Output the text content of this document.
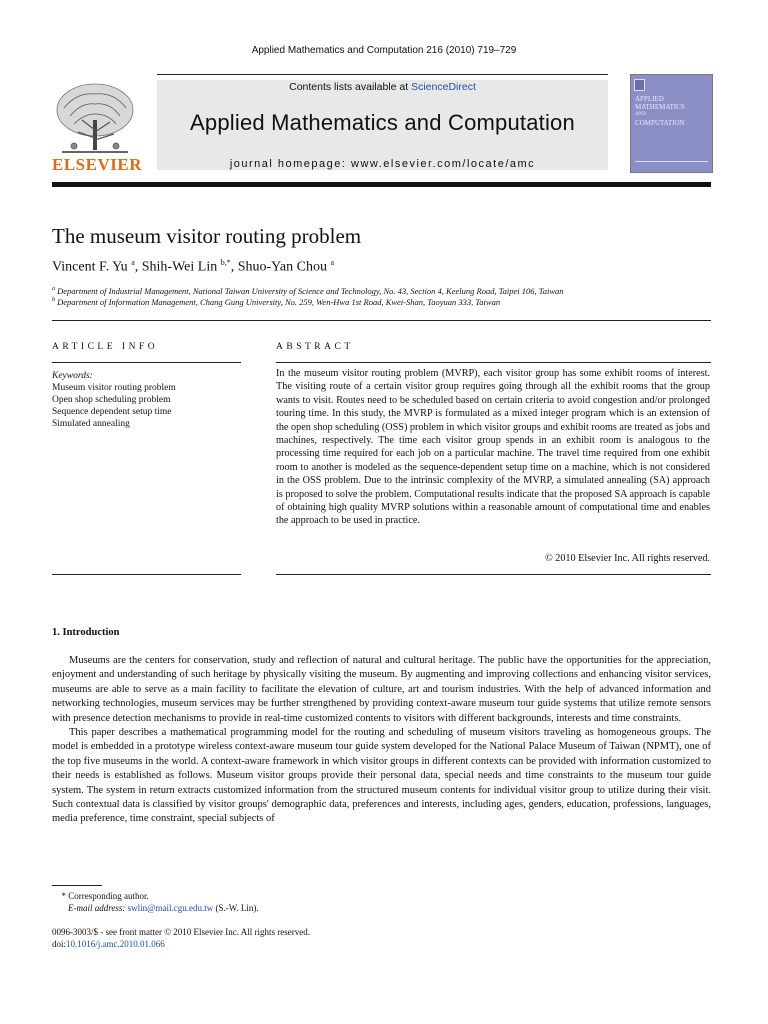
Applied Mathematics and Computation 216 (2010) 719–729
Contents lists available at ScienceDirect
Applied Mathematics and Computation
journal homepage: www.elsevier.com/locate/amc
ELSEVIER
APPLIED
MATHEMATICS
AND
COMPUTATION
The museum visitor routing problem
Vincent F. Yu $^a$, Shih-Wei Lin $^{b,*}$, Shuo-Yan Chou $^a$
$^a$ Department of Industrial Management, National Taiwan University of Science and Technology, No. 43, Section 4, Keelung Road, Taipei 106, Taiwan
$^b$ Department of Information Management, Chang Gung University, No. 259, Wen-Hwa 1st Road, Kwei-Shan, Taoyuan 333, Taiwan
ARTICLE INFO
Keywords:
Museum visitor routing problem
Open shop scheduling problem
Sequence dependent setup time
Simulated annealing
ABSTRACT
In the museum visitor routing problem (MVRP), each visitor group has some exhibit rooms of interest. The visiting route of a certain visitor group requires going through all the exhibit rooms that the group wants to visit. Routes need to be scheduled based on certain criteria to avoid congestion and/or prolonged touring time. In this study, the MVRP is formulated as a mixed integer program which is an extension of the open shop scheduling (OSS) problem in which visitor groups and exhibit rooms are treated as jobs and machines, respectively. The time each visitor group spends in an exhibit room is analogous to the processing time required for each job on a particular machine. The travel time required from one exhibit room to another is modeled as the sequence-dependent setup time on a machine, which is not considered in the OSS problem. Due to the intrinsic complexity of the MVRP, a simulated annealing (SA) approach is proposed to solve the problem. Computational results indicate that the proposed SA approach is capable of obtaining high quality MVRP solutions within a reasonable amount of computational time and enables the approach to be used in practice.
© 2010 Elsevier Inc. All rights reserved.
1. Introduction

Museums are the centers for conservation, study and reflection of natural and cultural heritage. The public have the opportunities for the appreciation, enjoyment and understanding of such heritage by physically visiting the museum. By augmenting and improving collections and enhancing visitor services, museums are able to serve as a main facility to facilitate the elevation of culture, art and tourism industries. With the help of advanced information and networking technologies, museum services may be further strengthened by providing context-aware museum tour guide systems that utilize remote sensors with presence detection mechanisms to provide in real-time customized contents to visitors with different backgrounds, interests and time constraints.

This paper describes a mathematical programming model for the routing and scheduling of museum visitors traveling as homogeneous groups. The model is embedded in a prototype wireless context-aware museum tour guide system developed for the National Palace Museum of Taiwan (NPMT), one of the top five museums in the world. A context-aware framework in which visitor groups in different contexts can be provided with information customized to their needs is established as follows. Museum visitor groups provide their personal data, special needs and time constraints to the museum tour guide system. The system in return extracts customized information from the structured museum contents for individual visitor group to utilize during their visit. Such contextual data is classified by visitor groups' demographic data, preferences and interests, including ages, genders, education, professions, languages, media preference, time constraint, special subjects of

* Corresponding author.
E-mail address: swlin@mail.cgu.edu.tw (S.-W. Lin).
0096-3003/$ - see front matter © 2010 Elsevier Inc. All rights reserved.
doi:10.1016/j.amc.2010.01.066
